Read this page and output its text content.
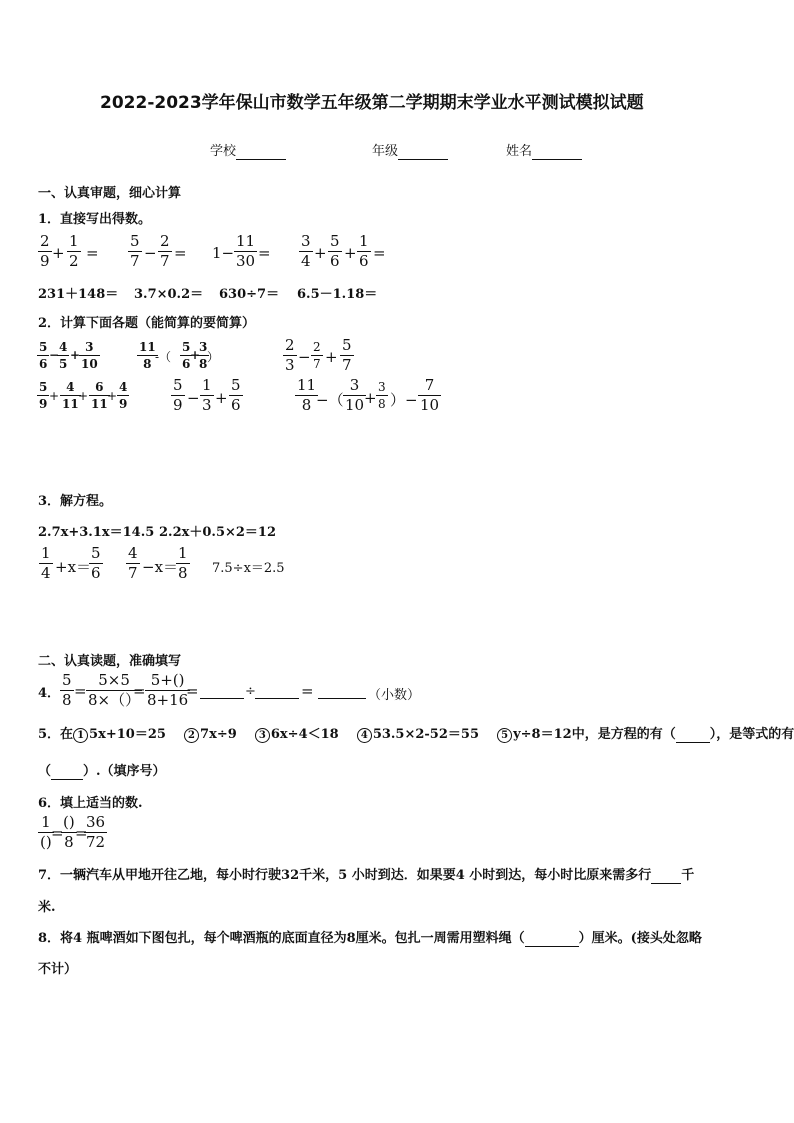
2022-2023学年保山市数学五年级第二学期期末学业水平测试模拟试题
学校	年级	姓名
一、认真审题，细心计算
1．直接写出得数。
2
9 +
1
2 =
5
7 −
2
7 = 1−
11
30 =
3
4 +
5
6 +
1
6 =
231＋148＝ 3.7×0.2＝ 630÷7＝ 6.5－1.18＝
2．计算下面各题（能简算的要简算）
5
6
−
4
5
+
3
10
11
8 -（
5
6
+
3
8 ）
2
3 −
2
7 +
5
7
5
9
+
4
11
+
6
11
+
4
9
5
9 −
1
3 +
5
6
11
8 −（
3
10 +
3
8 ）−
7
10
3．解方程。
2.7x+3.1x＝14.5 2.2x＋0.5×2＝12
1
4 +x＝
5
6
4
7 −x＝
1
8 7.5÷x＝2.5
二、认真读题，准确填写
4．
5
8 =
5×5
8×（）
=
5+()
8+16
=	÷	=	（小数）
5．在 1 5x+10＝25 2 7x÷9 3 6x÷4＜18 4 53.5×2-52＝55 5 y÷8＝12中，是方程的有（	），是等式的有
（ ）.（填序号）
6．填上适当的数.
1
() =
()
8 =
36
72
7．一辆汽车从甲地开往乙地，每小时行驶32千米，5 小时到达．如果要4 小时到达，每小时比原来需多行 千
米.
8．将4 瓶啤酒如下图包扎，每个啤酒瓶的底面直径为8厘米。包扎一周需用塑料绳（	）厘米。(接头处忽略
不计）
